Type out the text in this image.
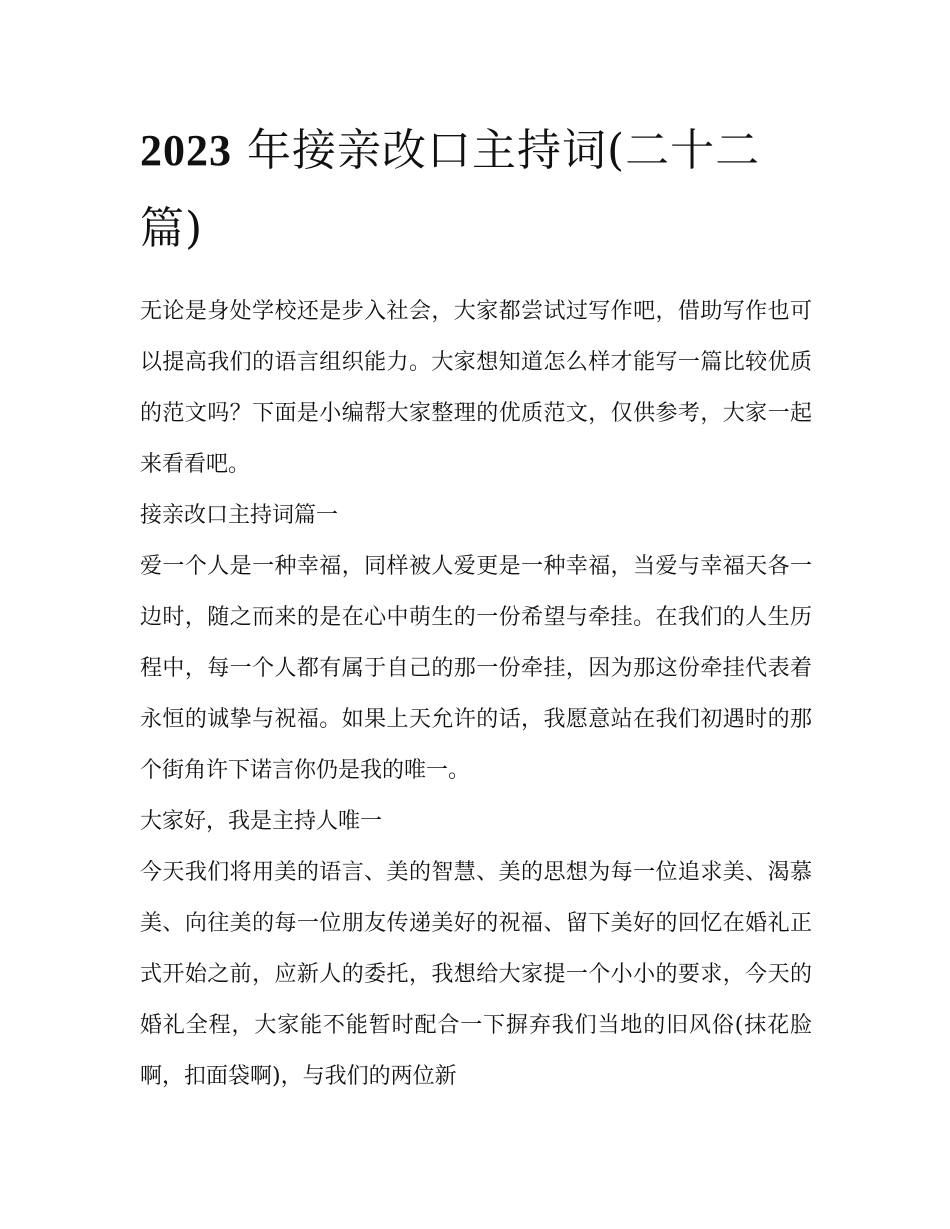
2023 年接亲改口主持词(二十二篇)

无论是身处学校还是步入社会，大家都尝试过写作吧，借助写作也可以提高我们的语言组织能力。大家想知道怎么样才能写一篇比较优质的范文吗？下面是小编帮大家整理的优质范文，仅供参考，大家一起来看看吧。

接亲改口主持词篇一

爱一个人是一种幸福，同样被人爱更是一种幸福，当爱与幸福天各一边时，随之而来的是在心中萌生的一份希望与牵挂。在我们的人生历程中，每一个人都有属于自己的那一份牵挂，因为那这份牵挂代表着永恒的诚挚与祝福。如果上天允许的话，我愿意站在我们初遇时的那个街角许下诺言你仍是我的唯一。

大家好，我是主持人唯一

今天我们将用美的语言、美的智慧、美的思想为每一位追求美、渴慕美、向往美的每一位朋友传递美好的祝福、留下美好的回忆在婚礼正式开始之前，应新人的委托，我想给大家提一个小小的要求，今天的婚礼全程，大家能不能暂时配合一下摒弃我们当地的旧风俗(抹花脸啊，扣面袋啊)，与我们的两位新
